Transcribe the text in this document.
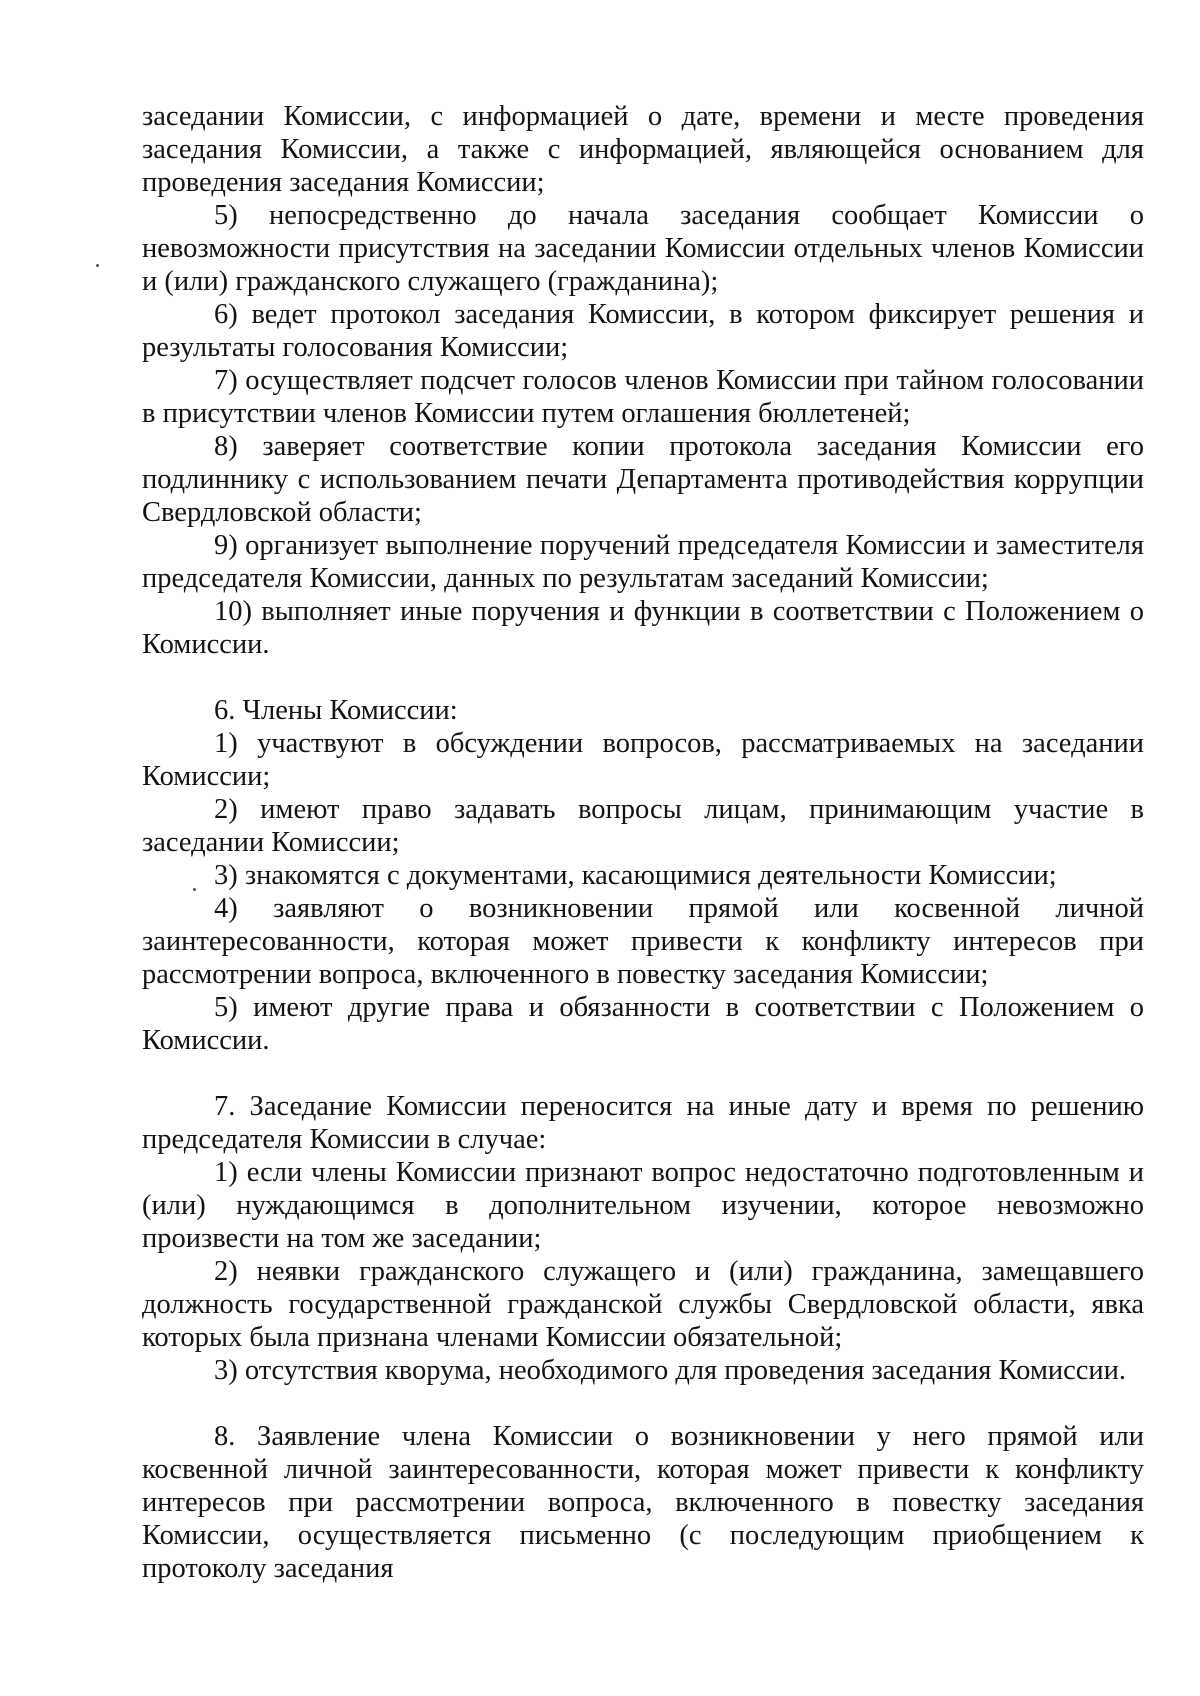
заседании Комиссии, с информацией о дате, времени и месте проведения заседания Комиссии, а также с информацией, являющейся основанием для проведения заседания Комиссии;

5) непосредственно до начала заседания сообщает Комиссии о невозможности присутствия на заседании Комиссии отдельных членов Комиссии и (или) гражданского служащего (гражданина);

6) ведет протокол заседания Комиссии, в котором фиксирует решения и результаты голосования Комиссии;

7) осуществляет подсчет голосов членов Комиссии при тайном голосовании в присутствии членов Комиссии путем оглашения бюллетеней;

8) заверяет соответствие копии протокола заседания Комиссии его подлиннику с использованием печати Департамента противодействия коррупции Свердловской области;

9) организует выполнение поручений председателя Комиссии и заместителя председателя Комиссии, данных по результатам заседаний Комиссии;

10) выполняет иные поручения и функции в соответствии с Положением о Комиссии.

6. Члены Комиссии:

1) участвуют в обсуждении вопросов, рассматриваемых на заседании Комиссии;

2) имеют право задавать вопросы лицам, принимающим участие в заседании Комиссии;

3) знакомятся с документами, касающимися деятельности Комиссии;

4) заявляют о возникновении прямой или косвенной личной заинтересованности, которая может привести к конфликту интересов при рассмотрении вопроса, включенного в повестку заседания Комиссии;

5) имеют другие права и обязанности в соответствии с Положением о Комиссии.

7. Заседание Комиссии переносится на иные дату и время по решению председателя Комиссии в случае:

1) если члены Комиссии признают вопрос недостаточно подготовленным и (или) нуждающимся в дополнительном изучении, которое невозможно произвести на том же заседании;

2) неявки гражданского служащего и (или) гражданина, замещавшего должность государственной гражданской службы Свердловской области, явка которых была признана членами Комиссии обязательной;

3) отсутствия кворума, необходимого для проведения заседания Комиссии.

8. Заявление члена Комиссии о возникновении у него прямой или косвенной личной заинтересованности, которая может привести к конфликту интересов при рассмотрении вопроса, включенного в повестку заседания Комиссии, осуществляется письменно (с последующим приобщением к протоколу заседания
